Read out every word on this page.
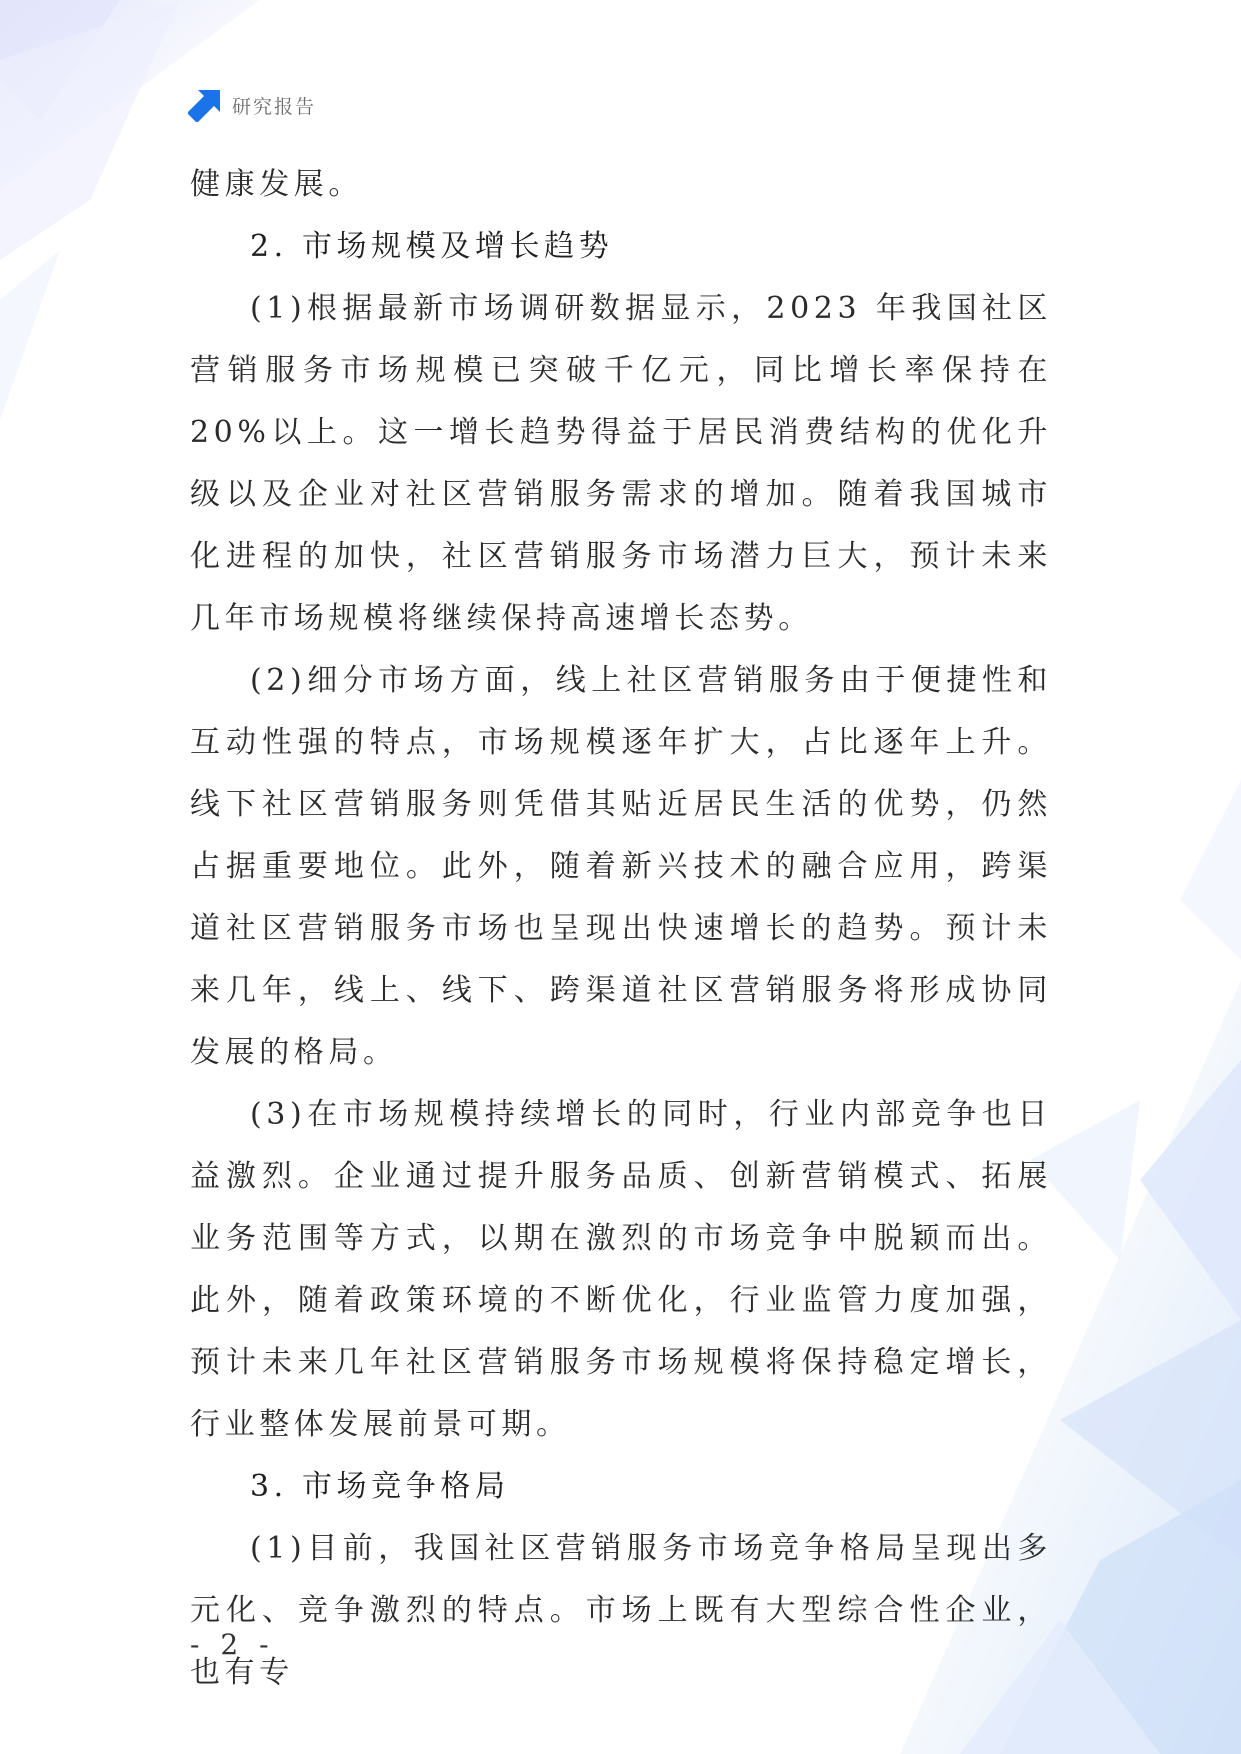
研究报告

健康发展。

2. 市场规模及增长趋势

(1)根据最新市场调研数据显示，2023 年我国社区营销服务市场规模已突破千亿元，同比增长率保持在 20%以上。这一增长趋势得益于居民消费结构的优化升级以及企业对社区营销服务需求的增加。随着我国城市化进程的加快，社区营销服务市场潜力巨大，预计未来几年市场规模将继续保持高速增长态势。

(2)细分市场方面，线上社区营销服务由于便捷性和互动性强的特点，市场规模逐年扩大，占比逐年上升。线下社区营销服务则凭借其贴近居民生活的优势，仍然占据重要地位。此外，随着新兴技术的融合应用，跨渠道社区营销服务市场也呈现出快速增长的趋势。预计未来几年，线上、线下、跨渠道社区营销服务将形成协同发展的格局。

(3)在市场规模持续增长的同时，行业内部竞争也日益激烈。企业通过提升服务品质、创新营销模式、拓展业务范围等方式，以期在激烈的市场竞争中脱颖而出。此外，随着政策环境的不断优化，行业监管力度加强，预计未来几年社区营销服务市场规模将保持稳定增长，行业整体发展前景可期。

3. 市场竞争格局

(1)目前，我国社区营销服务市场竞争格局呈现出多元化、竞争激烈的特点。市场上既有大型综合性企业，也有专

- 2 -
